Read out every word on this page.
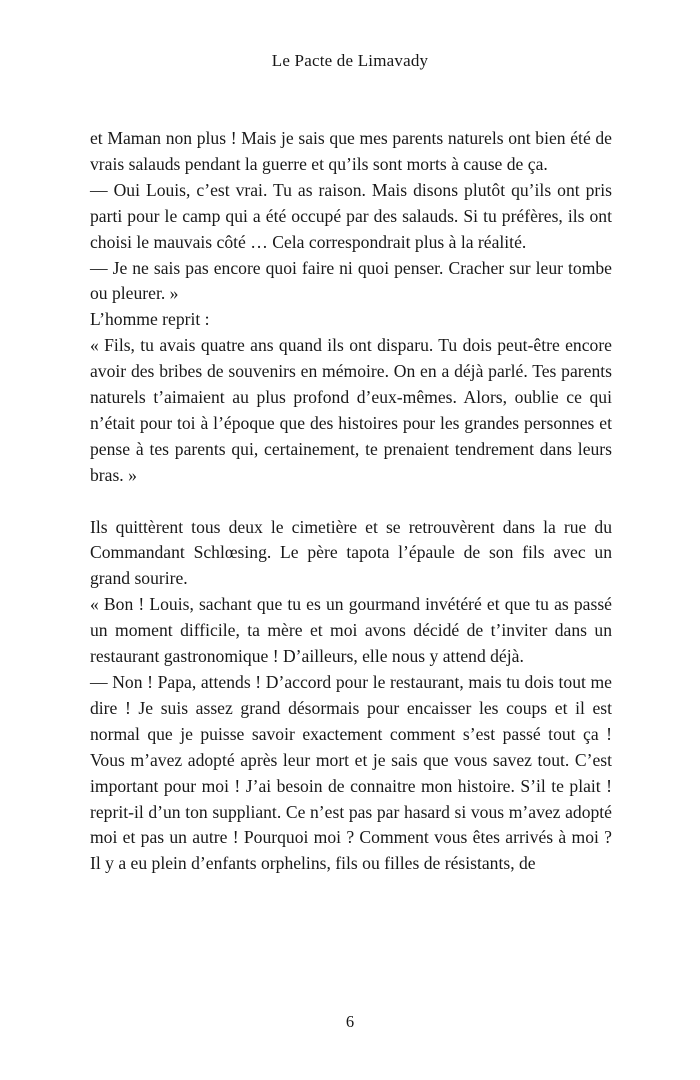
Le Pacte de Limavady

et Maman non plus ! Mais je sais que mes parents naturels ont bien été de vrais salauds pendant la guerre et qu’ils sont morts à cause de ça.

— Oui Louis, c’est vrai. Tu as raison. Mais disons plutôt qu’ils ont pris parti pour le camp qui a été occupé par des salauds. Si tu préfères, ils ont choisi le mauvais côté … Cela correspondrait plus à la réalité.

— Je ne sais pas encore quoi faire ni quoi penser. Cracher sur leur tombe ou pleurer. »

L’homme reprit :

« Fils, tu avais quatre ans quand ils ont disparu. Tu dois peut-être encore avoir des bribes de souvenirs en mémoire. On en a déjà parlé. Tes parents naturels t’aimaient au plus profond d’eux-mêmes. Alors, oublie ce qui n’était pour toi à l’époque que des histoires pour les grandes personnes et pense à tes parents qui, certainement, te prenaient tendrement dans leurs bras. »

Ils quittèrent tous deux le cimetière et se retrouvèrent dans la rue du Commandant Schlœsing. Le père tapota l’épaule de son fils avec un grand sourire.

« Bon ! Louis, sachant que tu es un gourmand invétéré et que tu as passé un moment difficile, ta mère et moi avons décidé de t’inviter dans un restaurant gastronomique ! D’ailleurs, elle nous y attend déjà.

— Non ! Papa, attends ! D’accord pour le restaurant, mais tu dois tout me dire ! Je suis assez grand désormais pour encaisser les coups et il est normal que je puisse savoir exactement comment s’est passé tout ça ! Vous m’avez adopté après leur mort et je sais que vous savez tout. C’est important pour moi ! J’ai besoin de connaitre mon histoire. S’il te plait ! reprit-il d’un ton suppliant. Ce n’est pas par hasard si vous m’avez adopté moi et pas un autre ! Pourquoi moi ? Comment vous êtes arrivés à moi ? Il y a eu plein d’enfants orphelins, fils ou filles de résistants, de

6
